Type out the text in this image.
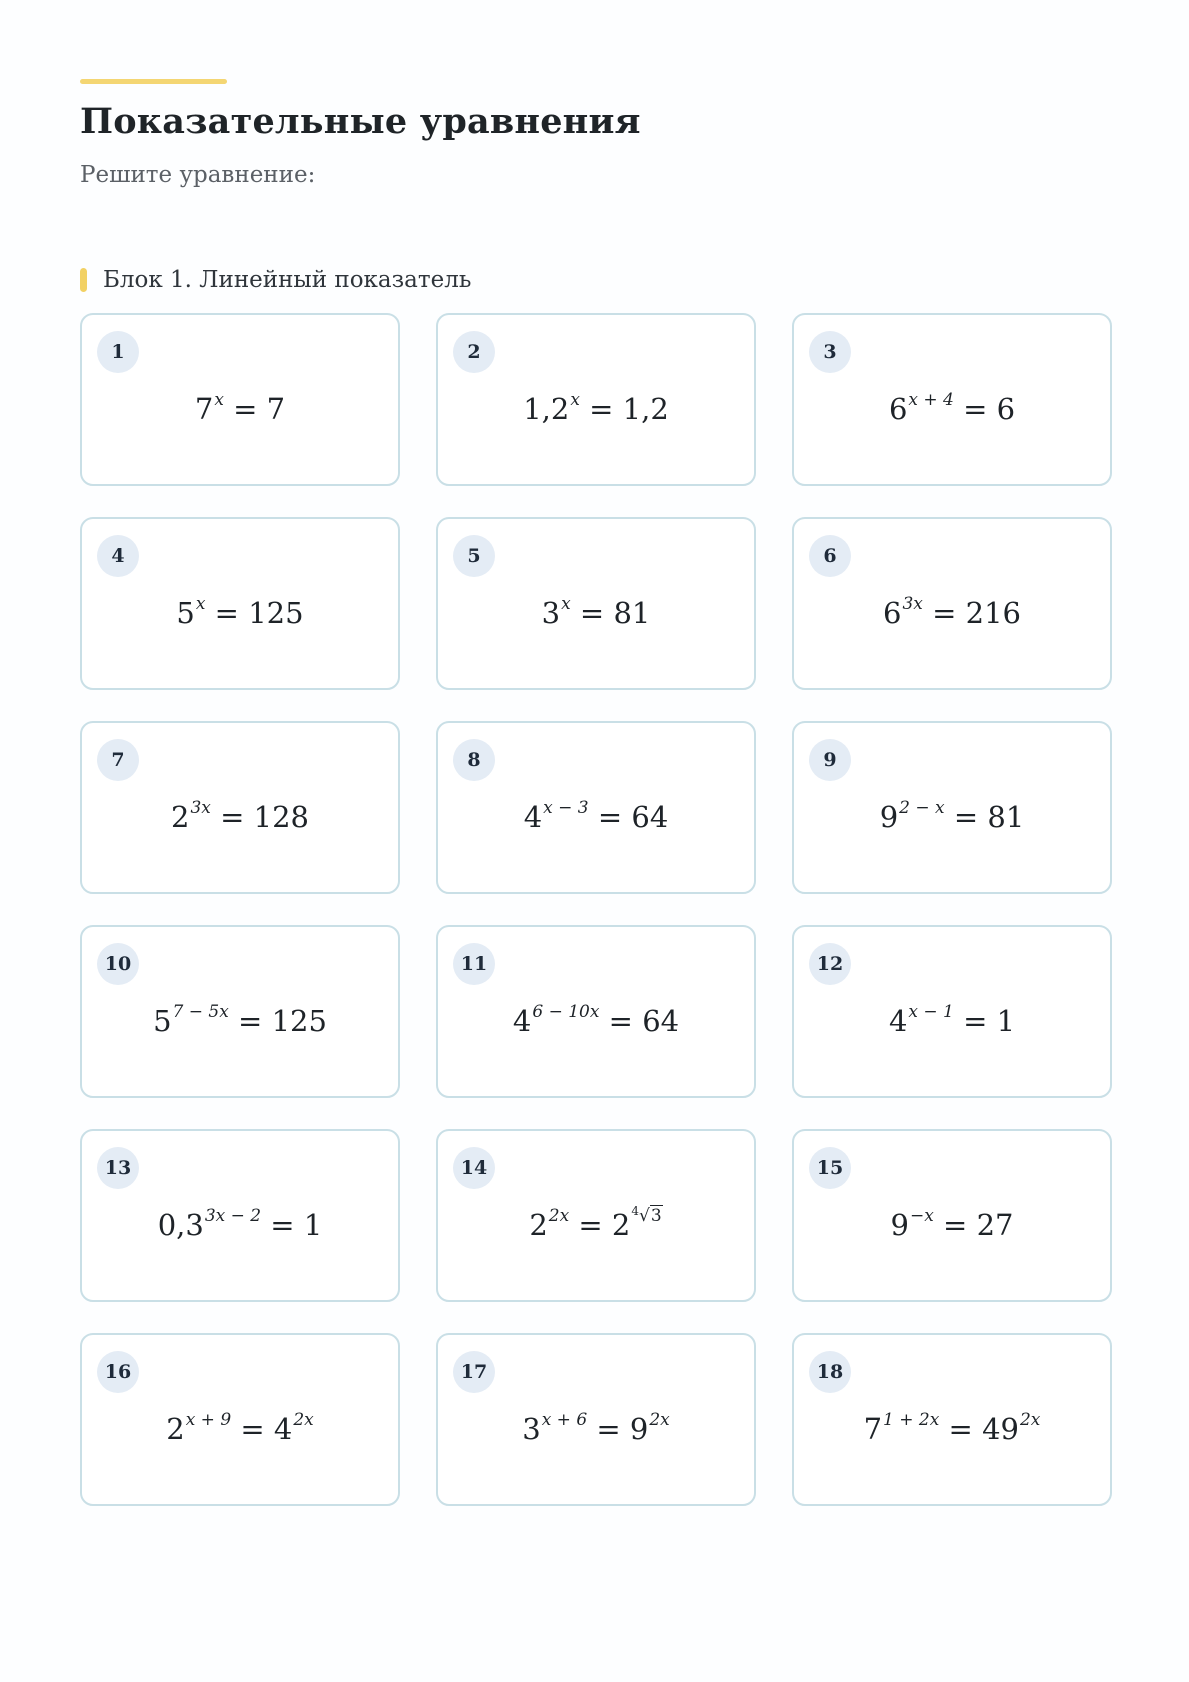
Показательные уравнения
Решите уравнение:
Блок 1. Линейный показатель
1
$7^x = 7$
2
$1,2^x = 1,2$
3
$6^{x + 4} = 6$
4
$5^x = 125$
5
$3^x = 81$
6
$6^{3x} = 216$
7
$2^{3x} = 128$
8
$4^{x - 3} = 64$
9
$9^{2 - x} = 81$
10
$5^{7 - 5x} = 125$
11
$4^{6 - 10x} = 64$
12
$4^{x - 1} = 1$
13
$0,3^{3x - 2} = 1$
14
$2^{2x} = 2^{^4√3}$
15
$9^{-x} = 27$
16
$2^{x + 9} = 4^{2x}$
17
$3^{x + 6} = 9^{2x}$
18
$7^{1 + 2x} = 49^{2x}$
